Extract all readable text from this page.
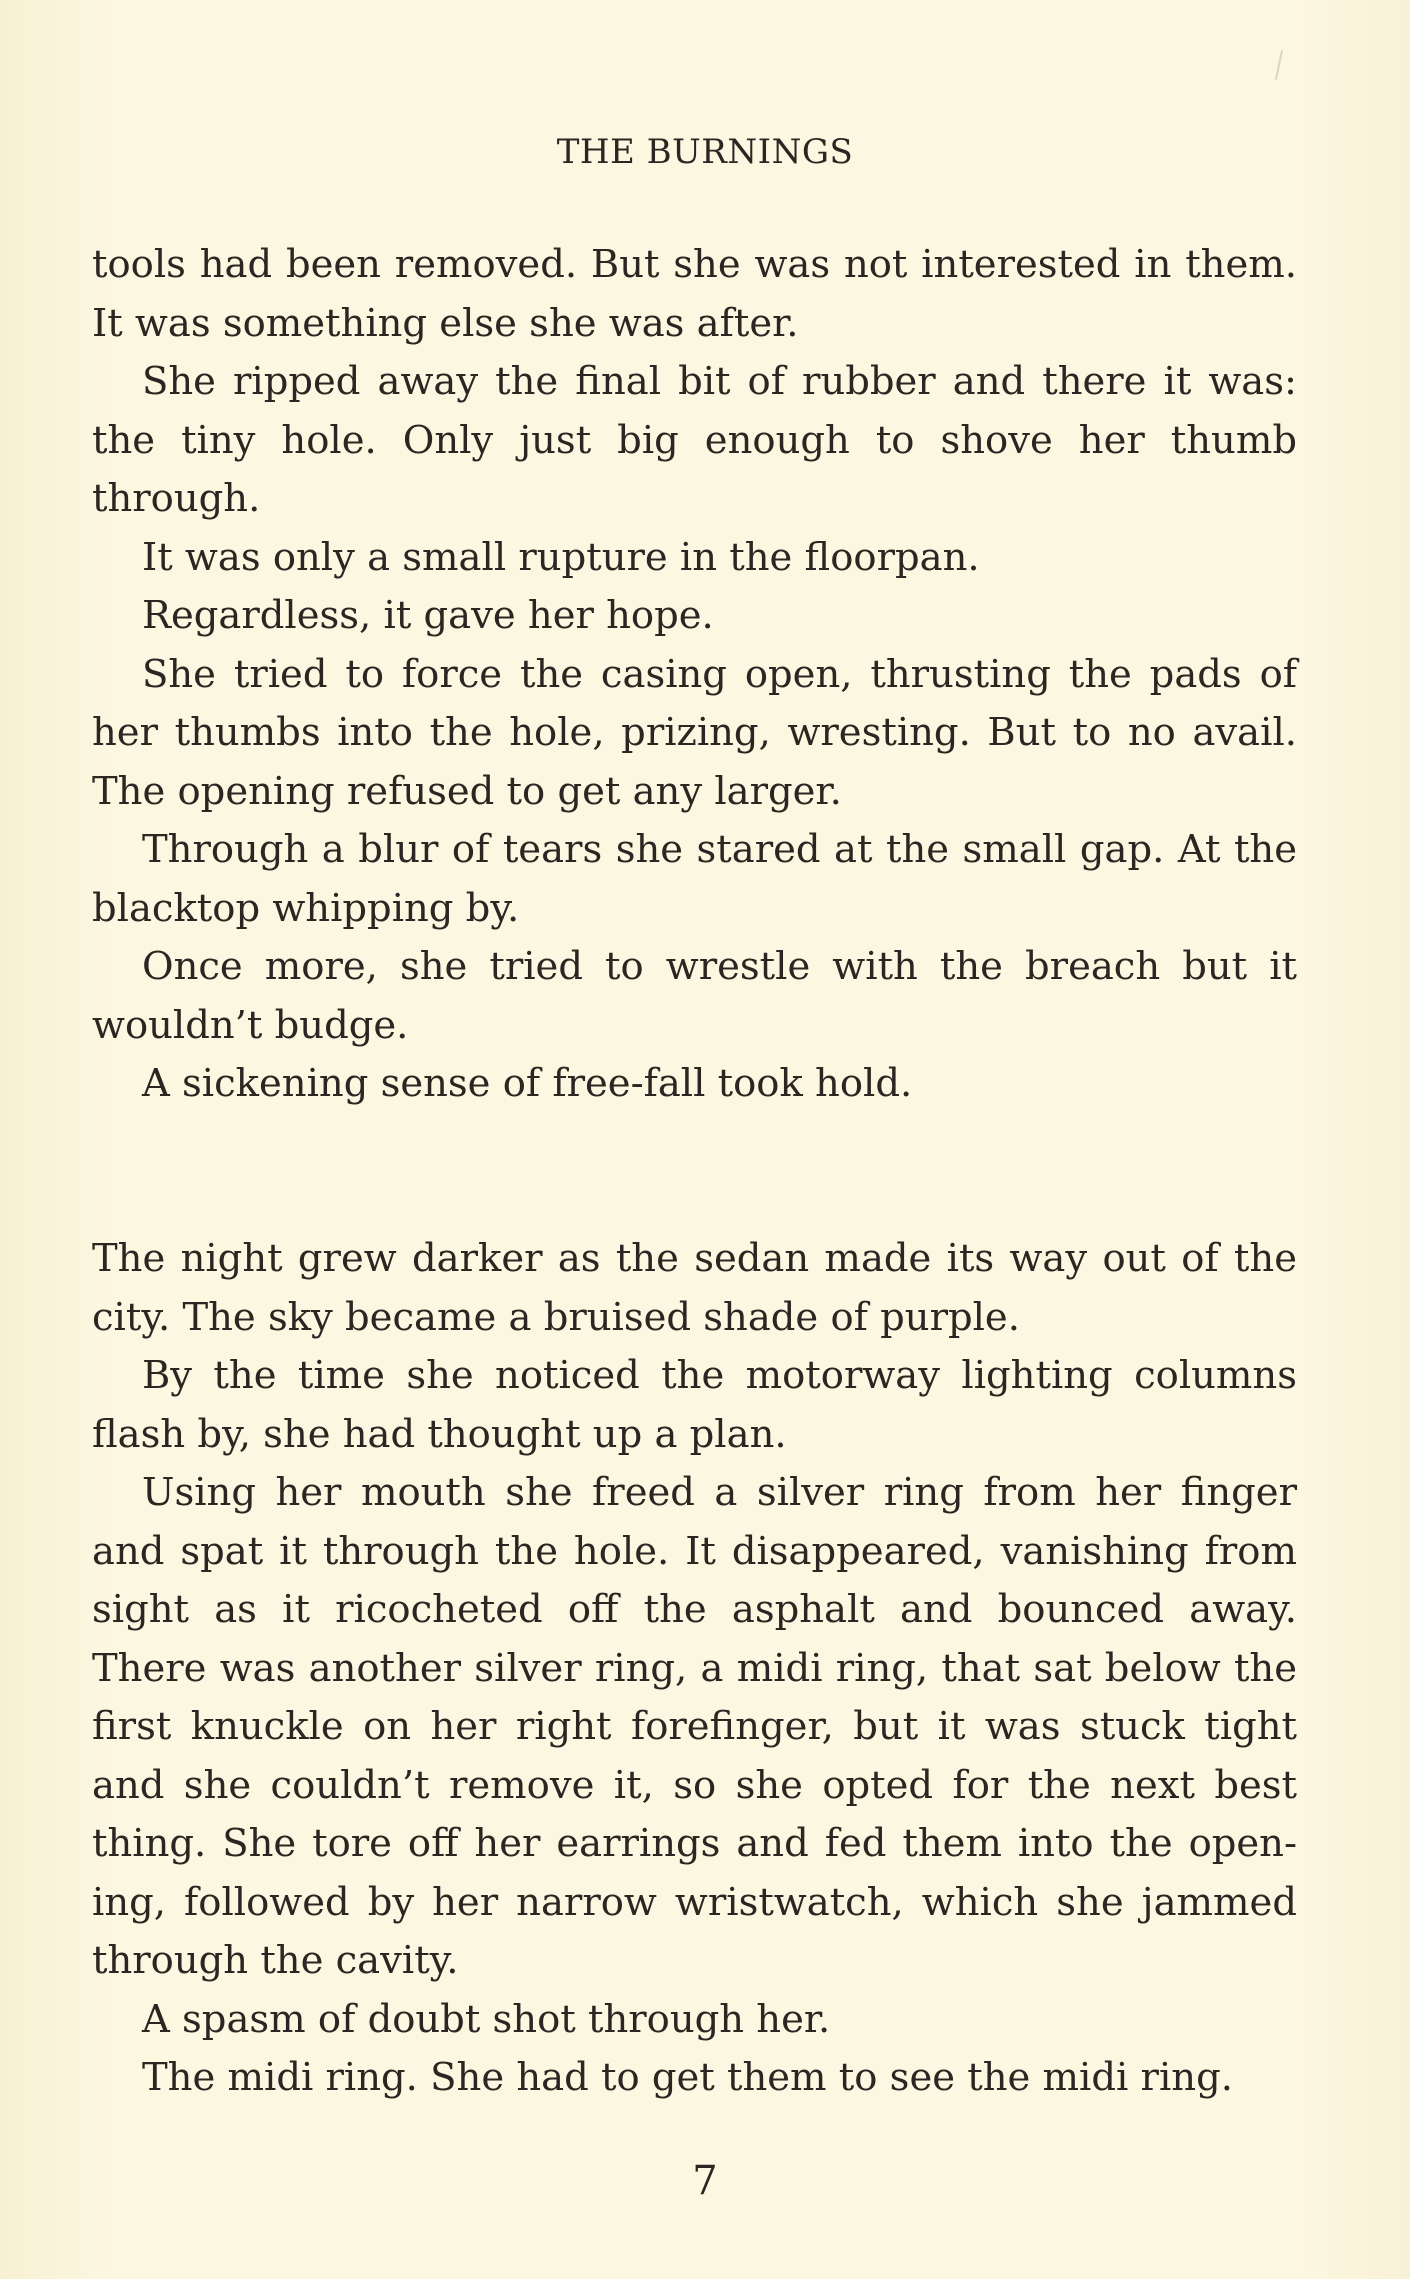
THE BURNINGS

tools had been removed. But she was not interested in them. It was something else she was after.

She ripped away the final bit of rubber and there it was: the tiny hole. Only just big enough to shove her thumb through.

It was only a small rupture in the floorpan.

Regardless, it gave her hope.

She tried to force the casing open, thrusting the pads of her thumbs into the hole, prizing, wresting. But to no avail. The opening refused to get any larger.

Through a blur of tears she stared at the small gap. At the blacktop whipping by.

Once more, she tried to wrestle with the breach but it wouldn’t budge.

A sickening sense of free-fall took hold.

The night grew darker as the sedan made its way out of the city. The sky became a bruised shade of purple.

By the time she noticed the motorway lighting columns flash by, she had thought up a plan.

Using her mouth she freed a silver ring from her finger and spat it through the hole. It disappeared, vanishing from sight as it ricocheted off the asphalt and bounced away. There was another silver ring, a midi ring, that sat below the first knuckle on her right forefinger, but it was stuck tight and she couldn’t remove it, so she opted for the next best thing. She tore off her earrings and fed them into the opening, followed by her narrow wristwatch, which she jammed through the cavity.

A spasm of doubt shot through her.

The midi ring. She had to get them to see the midi ring.

7
